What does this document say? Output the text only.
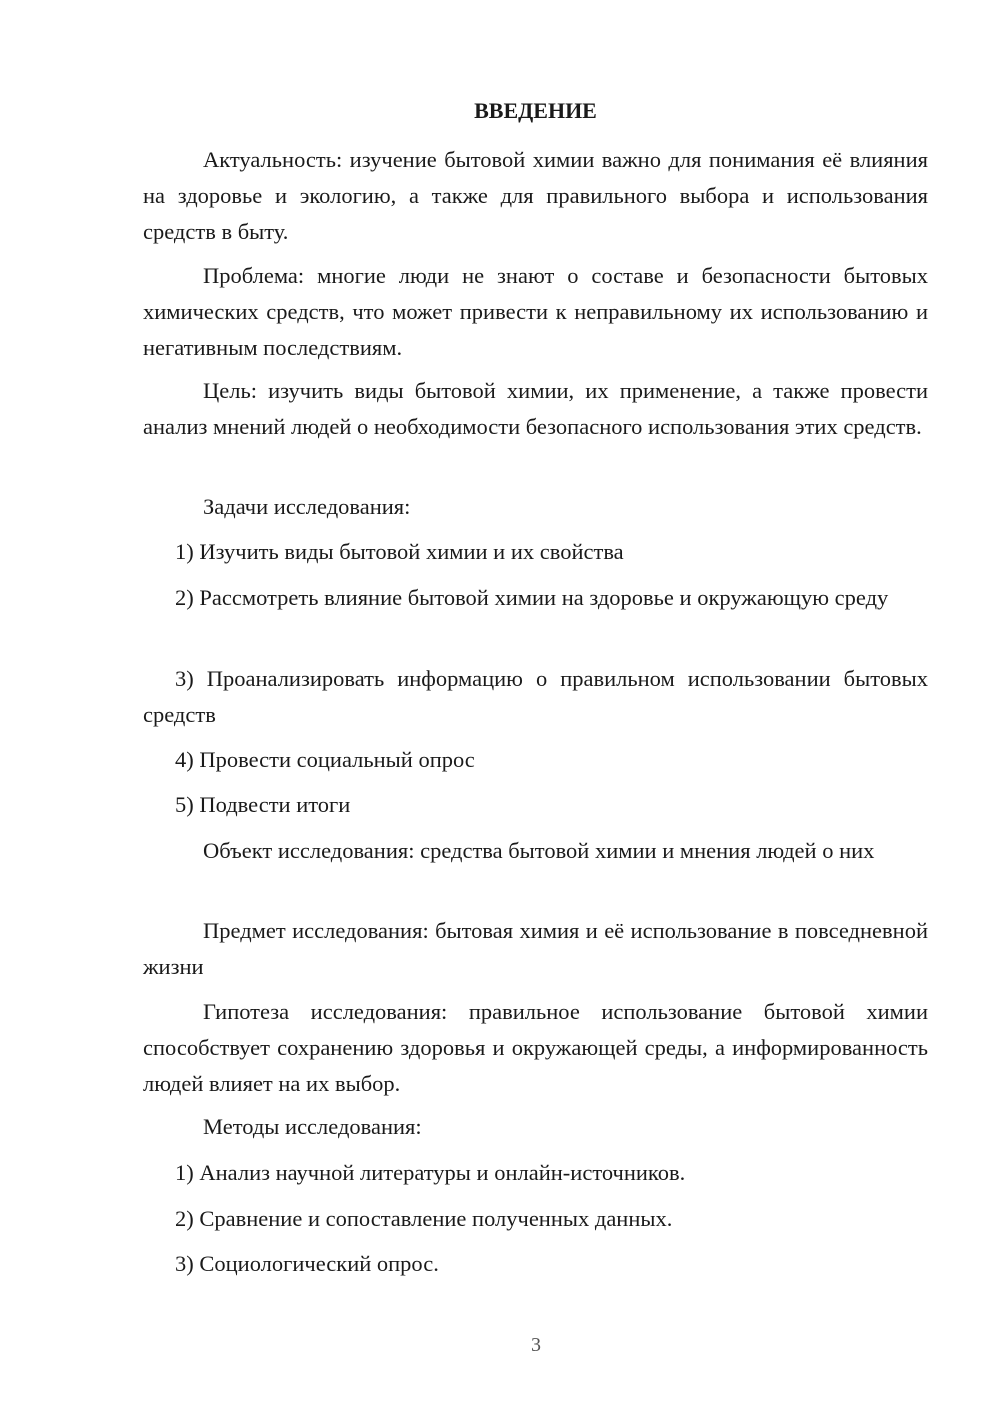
ВВЕДЕНИЕ

Актуальность: изучение бытовой химии важно для понимания её влияния на здоровье и экологию, а также для правильного выбора и использования средств в быту.

Проблема: многие люди не знают о составе и безопасности бытовых химических средств, что может привести к неправильному их использованию и негативным последствиям.

Цель: изучить виды бытовой химии, их применение, а также провести анализ мнений людей о необходимости безопасного использования этих средств.

Задачи исследования:

1) Изучить виды бытовой химии и их свойства

2) Рассмотреть влияние бытовой химии на здоровье и окружающую среду

3) Проанализировать информацию о правильном использовании бытовых средств

4) Провести социальный опрос

5) Подвести итоги

Объект исследования: средства бытовой химии и мнения людей о них

Предмет исследования: бытовая химия и её использование в повседневной жизни

Гипотеза исследования: правильное использование бытовой химии способствует сохранению здоровья и окружающей среды, а информированность людей влияет на их выбор.

Методы исследования:

1) Анализ научной литературы и онлайн-источников.

2) Сравнение и сопоставление полученных данных.

3) Социологический опрос.

3
